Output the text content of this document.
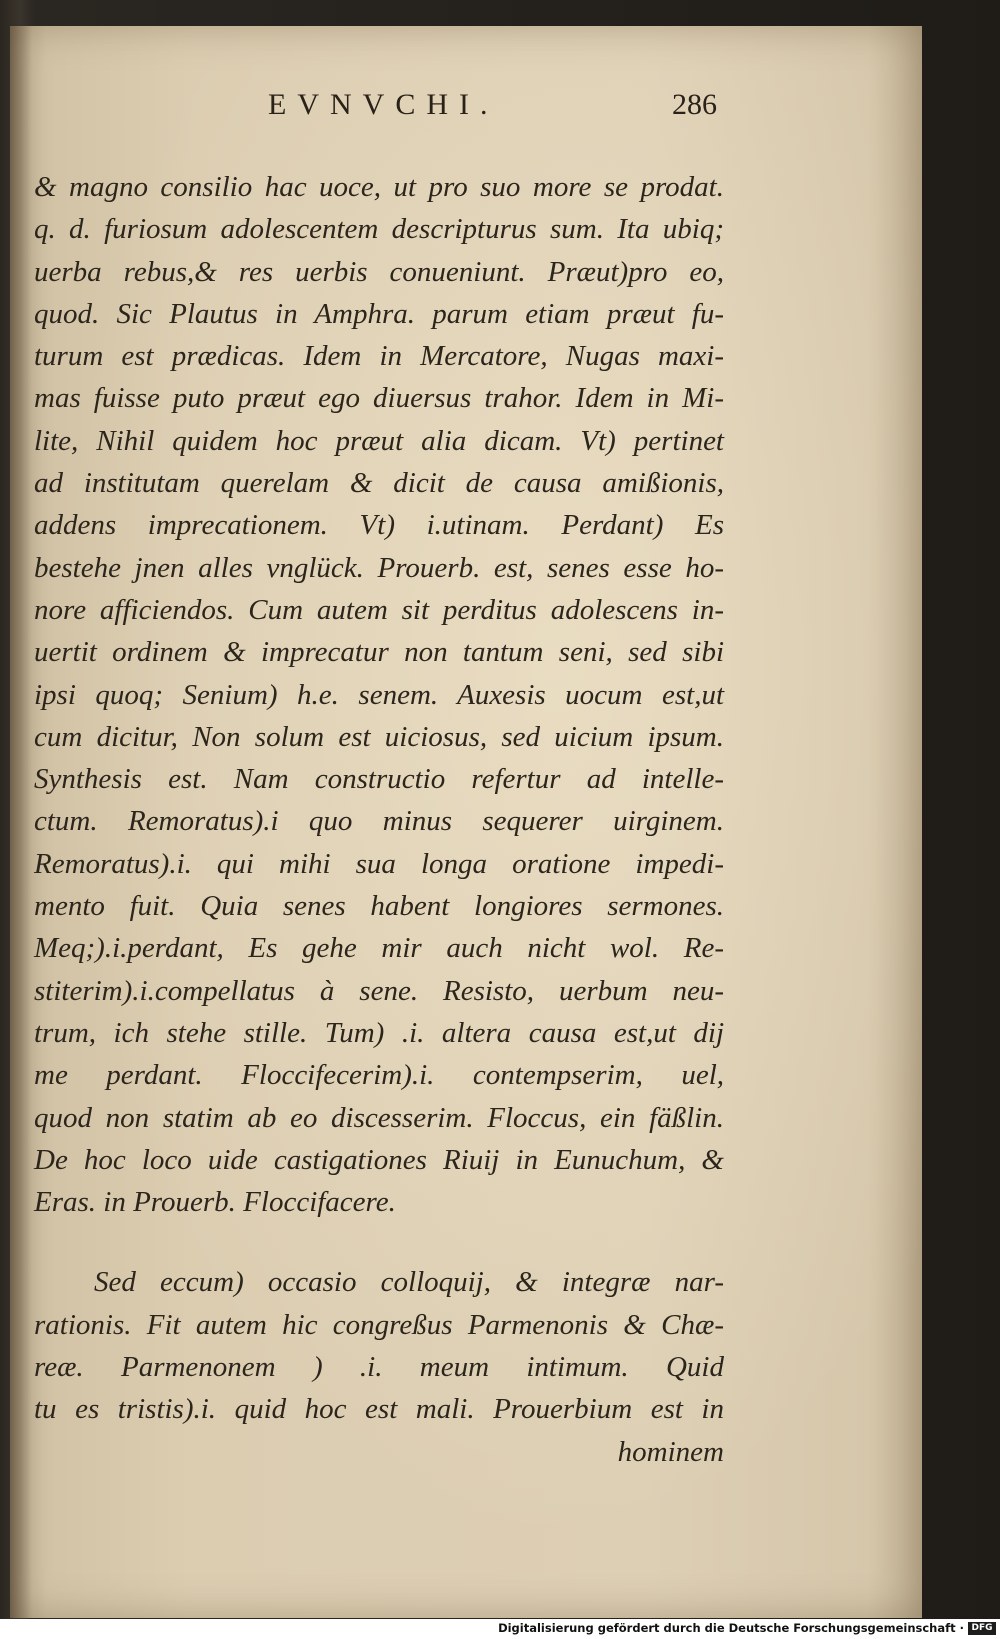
EVNVCHI.	286
& magno consilio hac uoce, ut pro suo more se prodat.
q. d. furiosum adolescentem descripturus sum. Ita ubiq;
uerba rebus,& res uerbis conueniunt. Præut)pro eo,
quod. Sic Plautus in Amphra. parum etiam præut fu-
turum est prædicas. Idem in Mercatore, Nugas maxi-
mas fuisse puto præut ego diuersus trahor. Idem in Mi-
lite, Nihil quidem hoc præut alia dicam. Vt) pertinet
ad institutam querelam & dicit de causa amißionis,
addens imprecationem. Vt) i.utinam. Perdant) Es
bestehe jnen alles vnglück. Prouerb. est, senes esse ho-
nore afficiendos. Cum autem sit perditus adolescens in-
uertit ordinem & imprecatur non tantum seni, sed sibi
ipsi quoq; Senium) h.e. senem. Auxesis uocum est,ut
cum dicitur, Non solum est uiciosus, sed uicium ipsum.
Synthesis est. Nam constructio refertur ad intelle-
ctum. Remoratus).i quo minus sequerer uirginem.
Remoratus).i. qui mihi sua longa oratione impedi-
mento fuit. Quia senes habent longiores sermones.
Meq;).i.perdant, Es gehe mir auch nicht wol. Re-
stiterim).i.compellatus à sene. Resisto, uerbum neu-
trum, ich stehe stille. Tum) .i. altera causa est,ut dij
me perdant. Floccifecerim).i. contempserim, uel,
quod non statim ab eo discesserim. Floccus, ein fäßlin.
De hoc loco uide castigationes Riuij in Eunuchum, &
Eras. in Prouerb. Floccifacere.
Sed eccum) occasio colloquij, & integræ nar-
rationis. Fit autem hic congreßus Parmenonis & Chæ-
reæ. Parmenonem ) .i. meum intimum. Quid
tu es tristis).i. quid hoc est mali. Prouerbium est in
hominem
Digitalisierung gefördert durch die Deutsche Forschungsgemeinschaft · DFG
